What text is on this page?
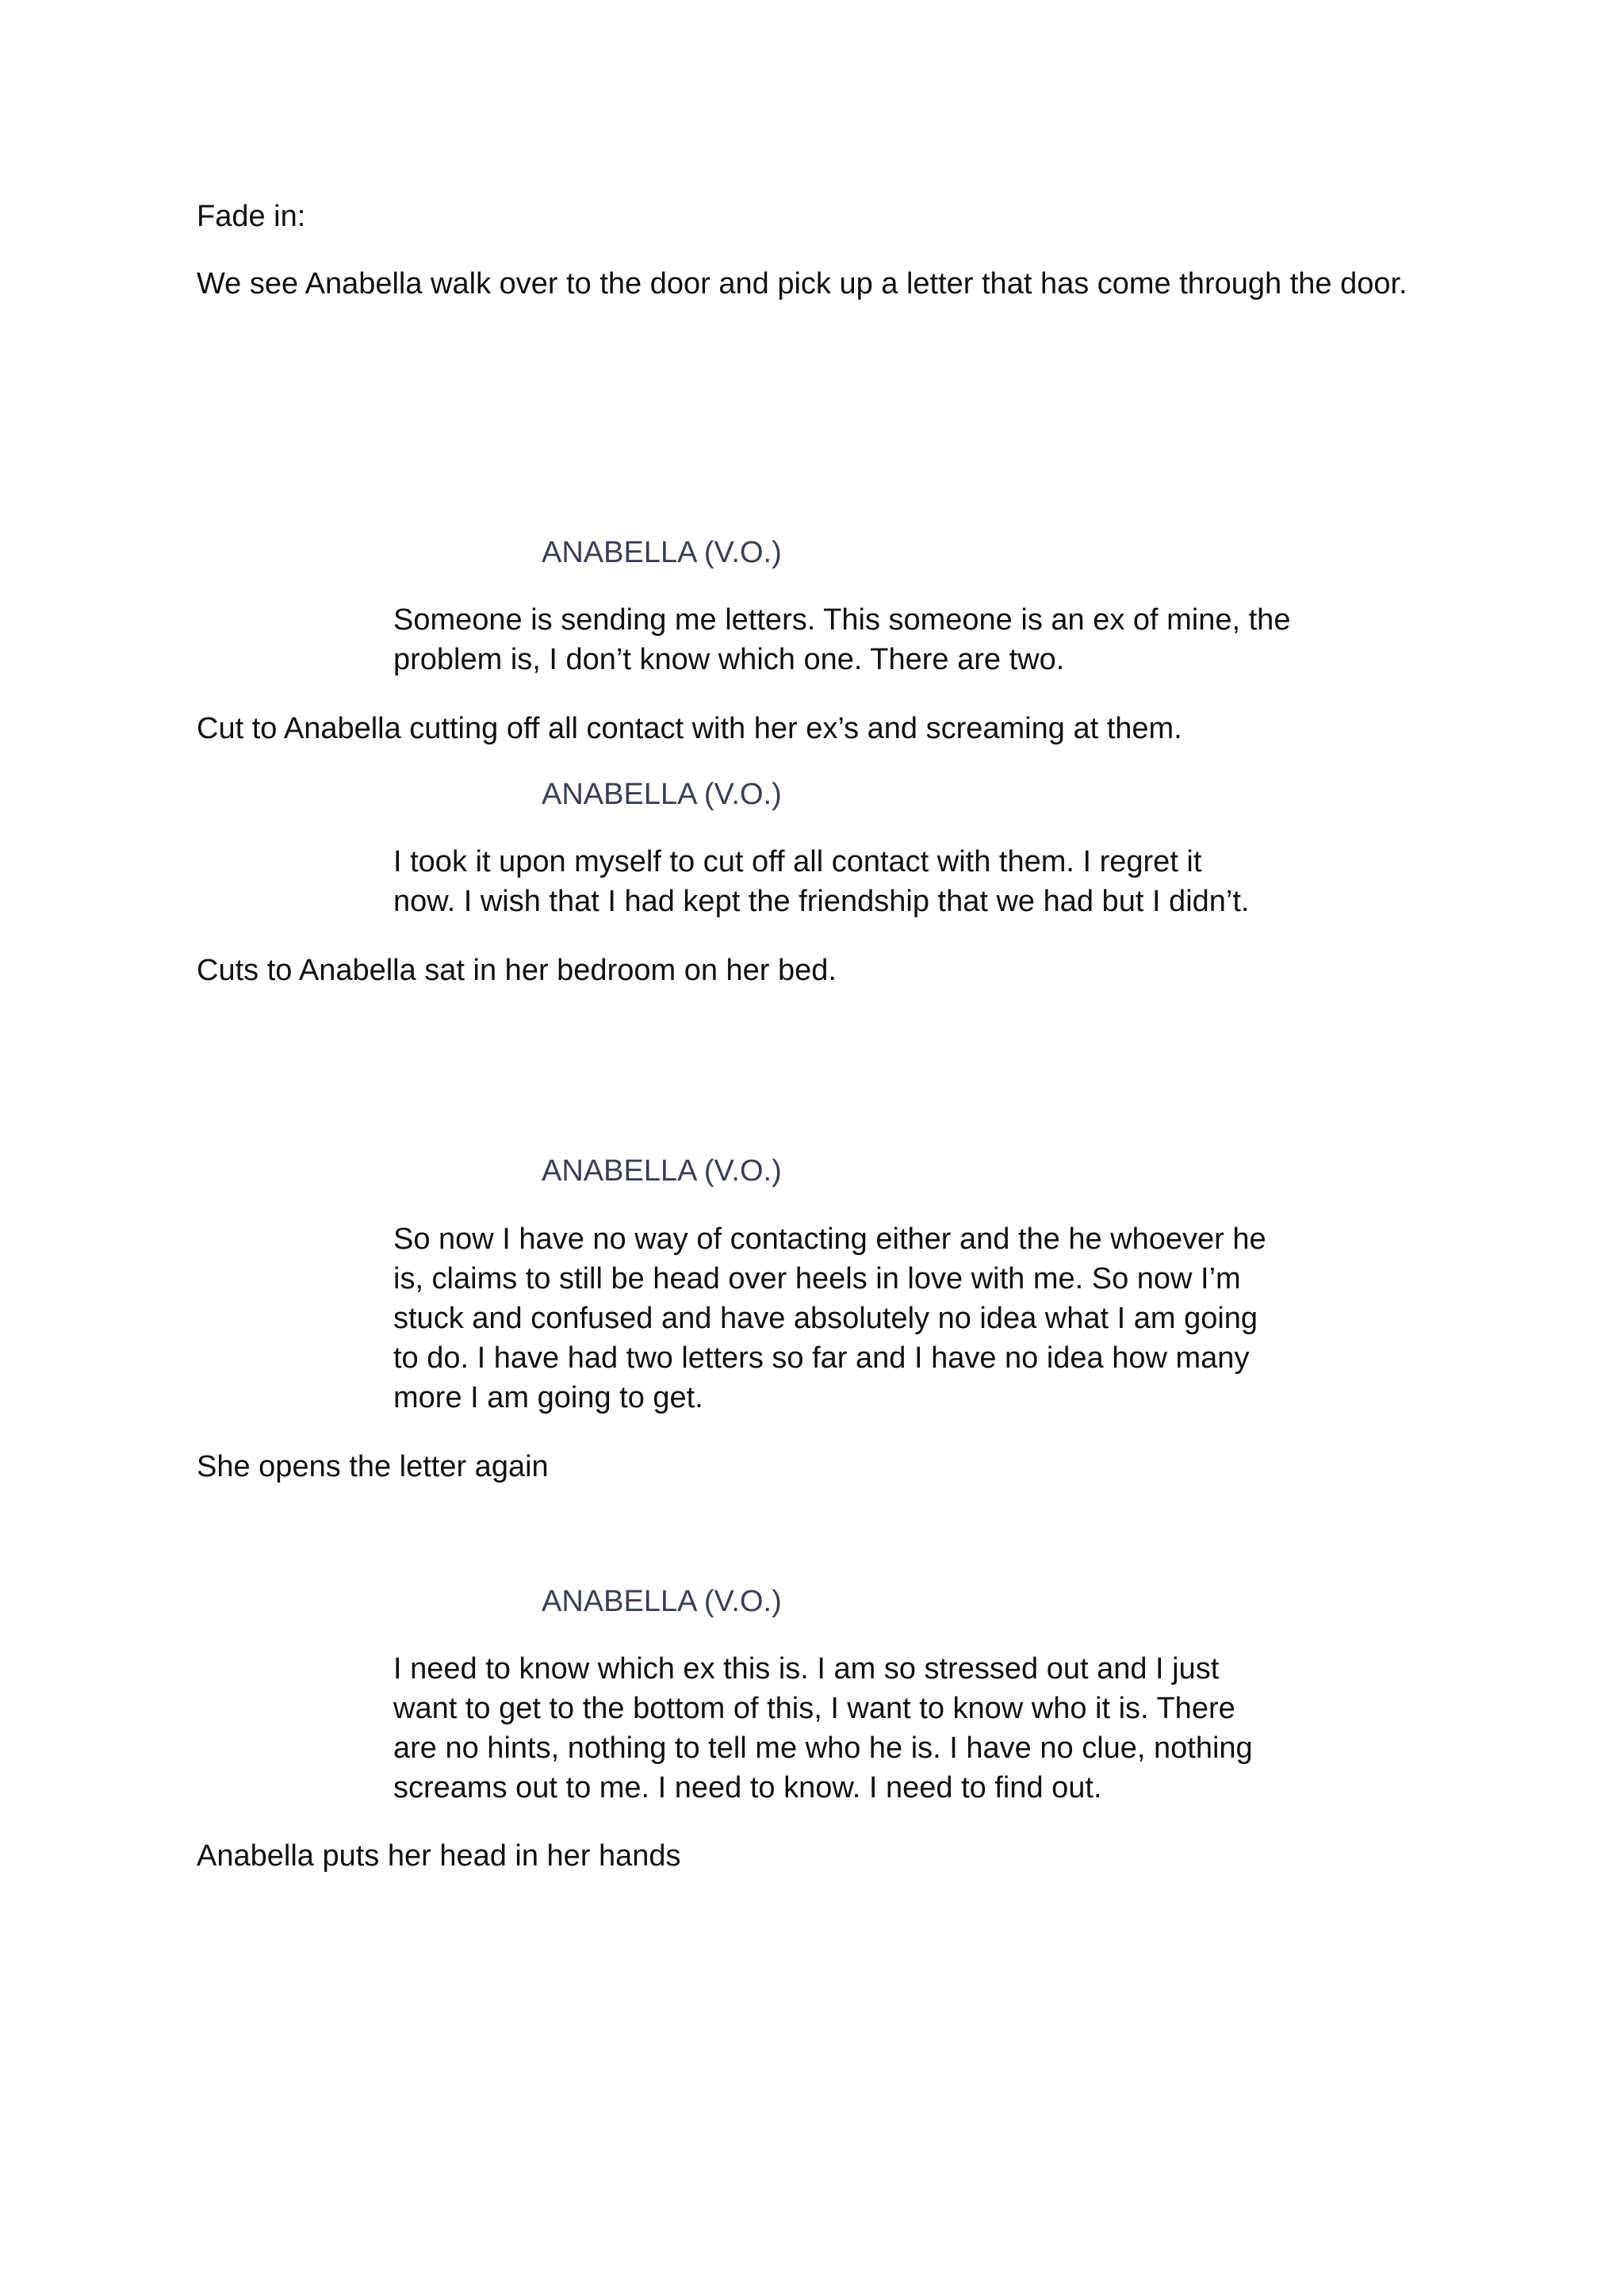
Fade in:

We see Anabella walk over to the door and pick up a letter that has come through the door.

ANABELLA (V.O.)

Someone is sending me letters. This someone is an ex of mine, the
problem is, I don’t know which one. There are two.

Cut to Anabella cutting off all contact with her ex’s and screaming at them.

ANABELLA (V.O.)

I took it upon myself to cut off all contact with them. I regret it
now. I wish that I had kept the friendship that we had but I didn’t.

Cuts to Anabella sat in her bedroom on her bed.

ANABELLA (V.O.)

So now I have no way of contacting either and the he whoever he
is, claims to still be head over heels in love with me. So now I’m
stuck and confused and have absolutely no idea what I am going
to do. I have had two letters so far and I have no idea how many
more I am going to get.

She opens the letter again

ANABELLA (V.O.)

I need to know which ex this is. I am so stressed out and I just
want to get to the bottom of this, I want to know who it is. There
are no hints, nothing to tell me who he is. I have no clue, nothing
screams out to me. I need to know. I need to find out.

Anabella puts her head in her hands
